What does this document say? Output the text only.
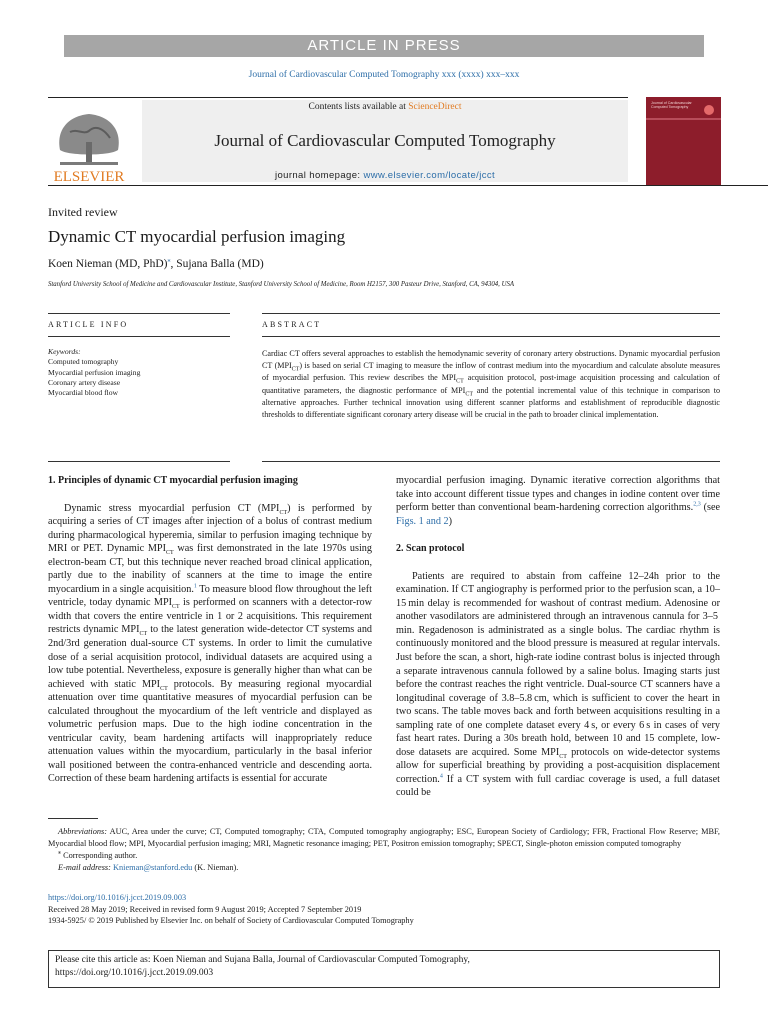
ARTICLE IN PRESS
Journal of Cardiovascular Computed Tomography xxx (xxxx) xxx–xxx
ELSEVIER
Contents lists available at ScienceDirect
Journal of Cardiovascular Computed Tomography
journal homepage: www.elsevier.com/locate/jcct
Journal of Cardiovascular Computed Tomography
Invited review
Dynamic CT myocardial perfusion imaging
Koen Nieman (MD, PhD)⁎, Sujana Balla (MD)
Stanford University School of Medicine and Cardiovascular Institute, Stanford University School of Medicine, Room H2157, 300 Pasteur Drive, Stanford, CA, 94304, USA
ARTICLE INFO	ABSTRACT
Keywords:
Computed tomography
Myocardial perfusion imaging
Coronary artery disease
Myocardial blood flow
Cardiac CT offers several approaches to establish the hemodynamic severity of coronary artery obstructions. Dynamic myocardial perfusion CT $(MPI_{CT})$ is based on serial CT imaging to measure the inflow of contrast medium into the myocardium and calculate absolute measures of myocardial perfusion. This review describes the $MPI_{CT}$ acquisition protocol, post-image acquisition processing and calculation of quantitative parameters, the diagnostic performance of $MPI_{CT}$ and the potential incremental value of this technique in comparison to alternative approaches. Further technical innovation using different scanner platforms and establishment of reproducible diagnostic thresholds to differentiate significant coronary artery disease will be crucial in the path to broader clinical implementation.

1. Principles of dynamic CT myocardial perfusion imaging

Dynamic stress myocardial perfusion CT $(MPI_{CT})$ is performed by acquiring a series of CT images after injection of a bolus of contrast medium during pharmacological hyperemia, similar to perfusion imaging technique by MRI or PET. Dynamic $MPI_{CT}$ was first demonstrated in the late 1970s using electron-beam CT, but this technique never reached broad clinical application, partly due to the inability of scanners at the time to image the entire myocardium in a single acquisition.$^1$ To measure blood flow throughout the left ventricle, today dynamic $MPI_{CT}$ is performed on scanners with a detector-row width that covers the entire ventricle in 1 or 2 acquisitions. This requirement restricts dynamic $MPI_{CT}$ to the latest generation wide-detector CT systems and 2nd/3rd generation dual-source CT systems. In order to limit the cumulative dose of a serial acquisition protocol, individual datasets are acquired using a low tube potential. Nevertheless, exposure is generally higher than what can be achieved with static $MPI_{CT}$ protocols. By measuring regional myocardial attenuation over time quantitative measures of myocardial perfusion can be calculated throughout the myocardium of the left ventricle and displayed as volumetric perfusion maps. Due to the high iodine concentration in the ventricular cavity, beam hardening artifacts will inappropriately reduce attenuation values within the myocardium, particularly in the basal inferior wall positioned between the contra-enhanced ventricle and descending aorta. Correction of these beam hardening artifacts is essential for accurate

myocardial perfusion imaging. Dynamic iterative correction algorithms that take into account different tissue types and changes in iodine content over time perform better than conventional beam-hardening correction algorithms.$^{2,3}$ (see Figs. 1 and 2)

2. Scan protocol

Patients are required to abstain from caffeine 12–24h prior to the examination. If CT angiography is performed prior to the perfusion scan, a 10–15 min delay is recommended for washout of contrast medium. Adenosine or another vasodilators are administered through an intravenous cannula for 3–5 min. Regadenoson is administrated as a single bolus. The cardiac rhythm is continuously monitored and the blood pressure is measured at regular intervals. Just before the scan, a short, high-rate iodine contrast bolus is injected through a separate intravenous cannula followed by a saline bolus. Imaging starts just before the contrast reaches the right ventricle. Dual-source CT scanners have a longitudinal coverage of 3.8–5.8 cm, which is sufficient to cover the heart in two scans. The table moves back and forth between acquisitions resulting in a sampling rate of one complete dataset every 4 s, or every 6 s in cases of very fast heart rates. During a 30s breath hold, between 10 and 15 complete, low-dose datasets are acquired. Some $MPI_{CT}$ protocols on wide-detector systems allow for superficial breathing by providing a post-acquisition displacement correction.$^4$ If a CT system with full cardiac coverage is used, a full dataset could be

Abbreviations: AUC, Area under the curve; CT, Computed tomography; CTA, Computed tomography angiography; ESC, European Society of Cardiology; FFR, Fractional Flow Reserve; MBF, Myocardial blood flow; MPI, Myocardial perfusion imaging; MRI, Magnetic resonance imaging; PET, Positron emission tomography; SPECT, Single-photon emission computed tomography

⁎ Corresponding author.

E-mail address: Knieman@stanford.edu (K. Nieman).

https://doi.org/10.1016/j.jcct.2019.09.003

Received 28 May 2019; Received in revised form 9 August 2019; Accepted 7 September 2019

1934-5925/ © 2019 Published by Elsevier Inc. on behalf of Society of Cardiovascular Computed Tomography

Please cite this article as: Koen Nieman and Sujana Balla, Journal of Cardiovascular Computed Tomography,
https://doi.org/10.1016/j.jcct.2019.09.003
